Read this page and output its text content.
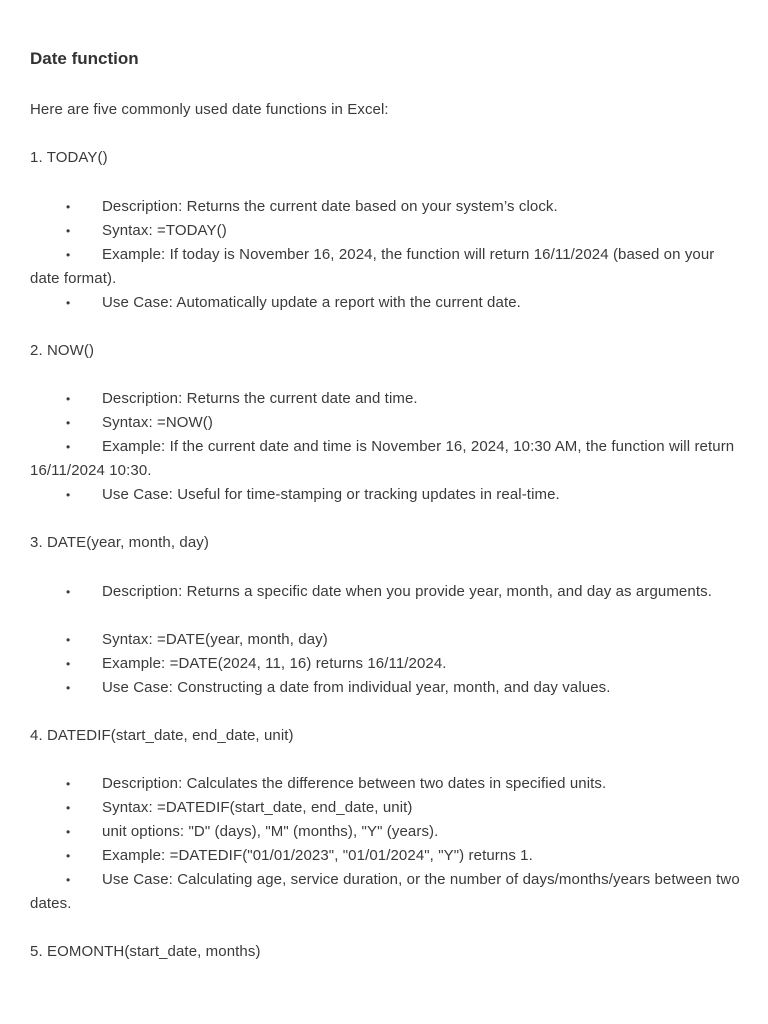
Date function
Here are five commonly used date functions in Excel:
1. TODAY()
• Description: Returns the current date based on your system’s clock.
• Syntax: =TODAY()
• Example: If today is November 16, 2024, the function will return 16/11/2024 (based on your date format).
• Use Case: Automatically update a report with the current date.
2. NOW()
• Description: Returns the current date and time.
• Syntax: =NOW()
• Example: If the current date and time is November 16, 2024, 10:30 AM, the function will return 16/11/2024 10:30.
• Use Case: Useful for time-stamping or tracking updates in real-time.
3. DATE(year, month, day)
• Description: Returns a specific date when you provide year, month, and day as arguments.
• Syntax: =DATE(year, month, day)
• Example: =DATE(2024, 11, 16) returns 16/11/2024.
• Use Case: Constructing a date from individual year, month, and day values.
4. DATEDIF(start_date, end_date, unit)
• Description: Calculates the difference between two dates in specified units.
• Syntax: =DATEDIF(start_date, end_date, unit)
• unit options: "D" (days), "M" (months), "Y" (years).
• Example: =DATEDIF("01/01/2023", "01/01/2024", "Y") returns 1.
• Use Case: Calculating age, service duration, or the number of days/months/years between two dates.
5. EOMONTH(start_date, months)
